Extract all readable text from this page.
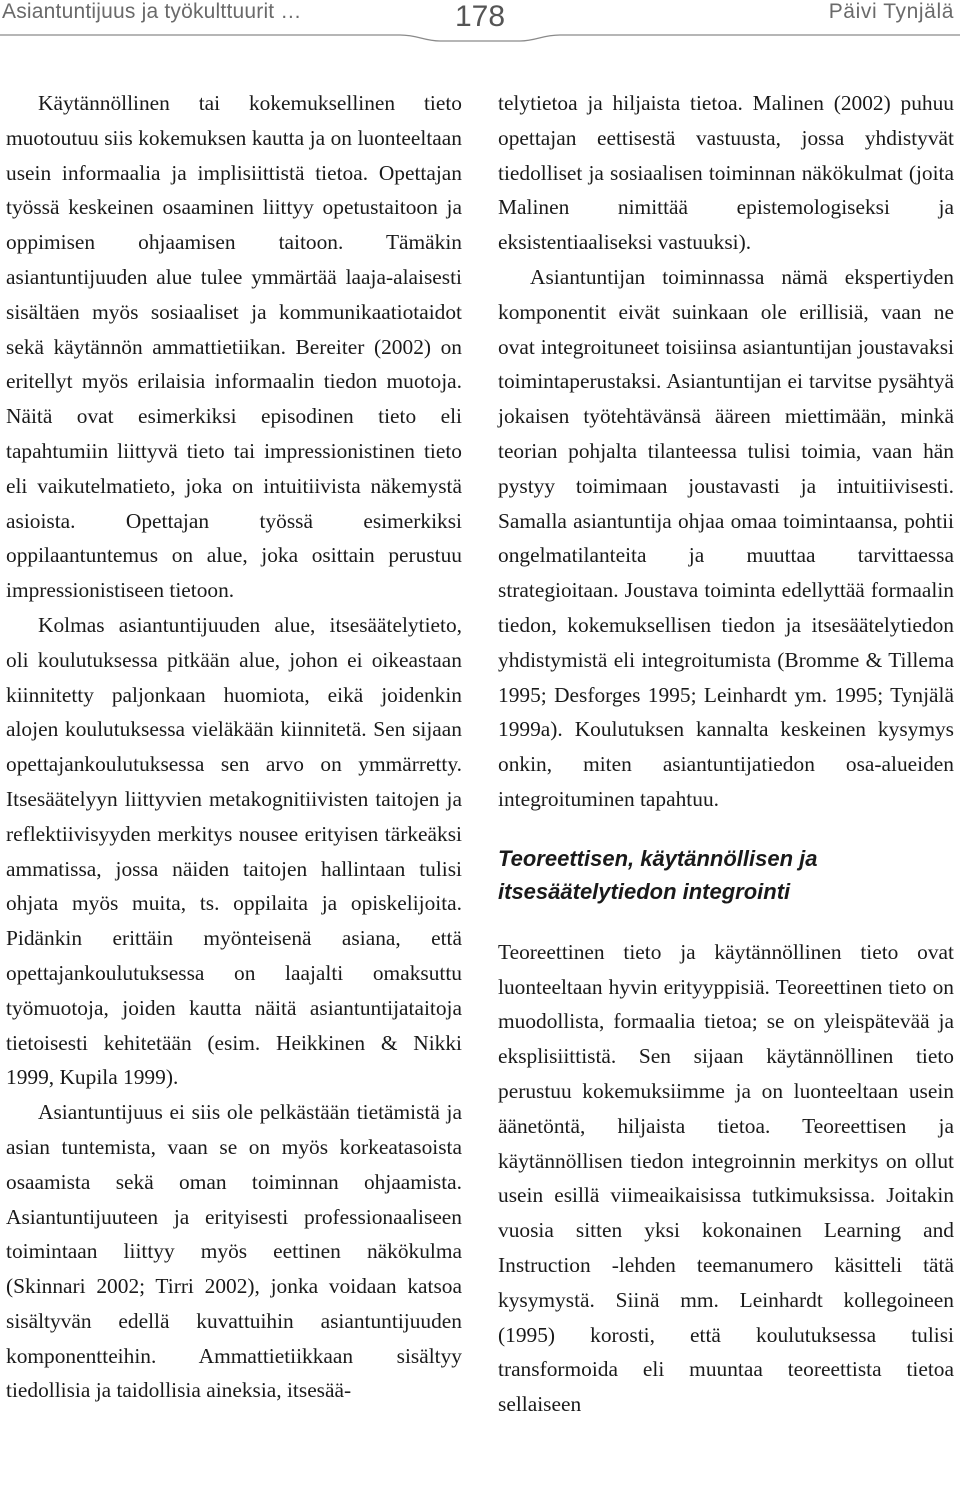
Asiantuntijuus ja työkulttuurit …	178	Päivi Tynjälä

Käytännöllinen tai kokemuksellinen tieto muotoutuu siis kokemuksen kautta ja on luonteeltaan usein informaalia ja implisiittistä tietoa. Opettajan työssä keskeinen osaaminen liittyy opetustaitoon ja oppimisen ohjaamisen taitoon. Tämäkin asiantuntijuuden alue tulee ymmärtää laaja-alaisesti sisältäen myös sosiaaliset ja kommunikaatiotaidot sekä käytännön ammattietiikan. Bereiter (2002) on eritellyt myös erilaisia informaalin tiedon muotoja. Näitä ovat esimerkiksi episodinen tieto eli tapahtumiin liittyvä tieto tai impressionistinen tieto eli vaikutelmatieto, joka on intuitiivista näkemystä asioista. Opettajan työssä esimerkiksi oppilaantuntemus on alue, joka osittain perustuu impressionistiseen tietoon.

Kolmas asiantuntijuuden alue, itsesäätelytieto, oli koulutuksessa pitkään alue, johon ei oikeastaan kiinnitetty paljonkaan huomiota, eikä joidenkin alojen koulutuksessa vieläkään kiinnitetä. Sen sijaan opettajankoulutuksessa sen arvo on ymmärretty. Itsesäätelyyn liittyvien metakognitiivisten taitojen ja reflektiivisyyden merkitys nousee erityisen tärkeäksi ammatissa, jossa näiden taitojen hallintaan tulisi ohjata myös muita, ts. oppilaita ja opiskelijoita. Pidänkin erittäin myönteisenä asiana, että opettajankoulutuksessa on laajalti omaksuttu työmuotoja, joiden kautta näitä asiantuntijataitoja tietoisesti kehitetään (esim. Heikkinen & Nikki 1999, Kupila 1999).

Asiantuntijuus ei siis ole pelkästään tietämistä ja asian tuntemista, vaan se on myös korkeatasoista osaamista sekä oman toiminnan ohjaamista. Asiantuntijuuteen ja erityisesti professionaaliseen toimintaan liittyy myös eettinen näkökulma (Skinnari 2002; Tirri 2002), jonka voidaan katsoa sisältyvän edellä kuvattuihin asiantuntijuuden komponentteihin. Ammattietiikkaan sisältyy tiedollisia ja taidollisia aineksia, itsesää-

telytietoa ja hiljaista tietoa. Malinen (2002) puhuu opettajan eettisestä vastuusta, jossa yhdistyvät tiedolliset ja sosiaalisen toiminnan näkökulmat (joita Malinen nimittää epistemologiseksi ja eksistentiaaliseksi vastuuksi).

Asiantuntijan toiminnassa nämä ekspertiyden komponentit eivät suinkaan ole erillisiä, vaan ne ovat integroituneet toisiinsa asiantuntijan joustavaksi toimintaperustaksi. Asiantuntijan ei tarvitse pysähtyä jokaisen työtehtävänsä ääreen miettimään, minkä teorian pohjalta tilanteessa tulisi toimia, vaan hän pystyy toimimaan joustavasti ja intuitiivisesti. Samalla asiantuntija ohjaa omaa toimintaansa, pohtii ongelmatilanteita ja muuttaa tarvittaessa strategioitaan. Joustava toiminta edellyttää formaalin tiedon, kokemuksellisen tiedon ja itsesäätelytiedon yhdistymistä eli integroitumista (Bromme & Tillema 1995; Desforges 1995; Leinhardt ym. 1995; Tynjälä 1999a). Koulutuksen kannalta keskeinen kysymys onkin, miten asiantuntijatiedon osa-alueiden integroituminen tapahtuu.

Teoreettisen, käytännöllisen ja itsesäätelytiedon integrointi

Teoreettinen tieto ja käytännöllinen tieto ovat luonteeltaan hyvin erityyppisiä. Teoreettinen tieto on muodollista, formaalia tietoa; se on yleispätevää ja eksplisiittistä. Sen sijaan käytännöllinen tieto perustuu kokemuksiimme ja on luonteeltaan usein äänetöntä, hiljaista tietoa. Teoreettisen ja käytännöllisen tiedon integroinnin merkitys on ollut usein esillä viimeaikaisissa tutkimuksissa. Joitakin vuosia sitten yksi kokonainen Learning and Instruction -lehden teemanumero käsitteli tätä kysymystä. Siinä mm. Leinhardt kollegoineen (1995) korosti, että koulutuksessa tulisi transformoida eli muuntaa teoreettista tietoa sellaiseen
